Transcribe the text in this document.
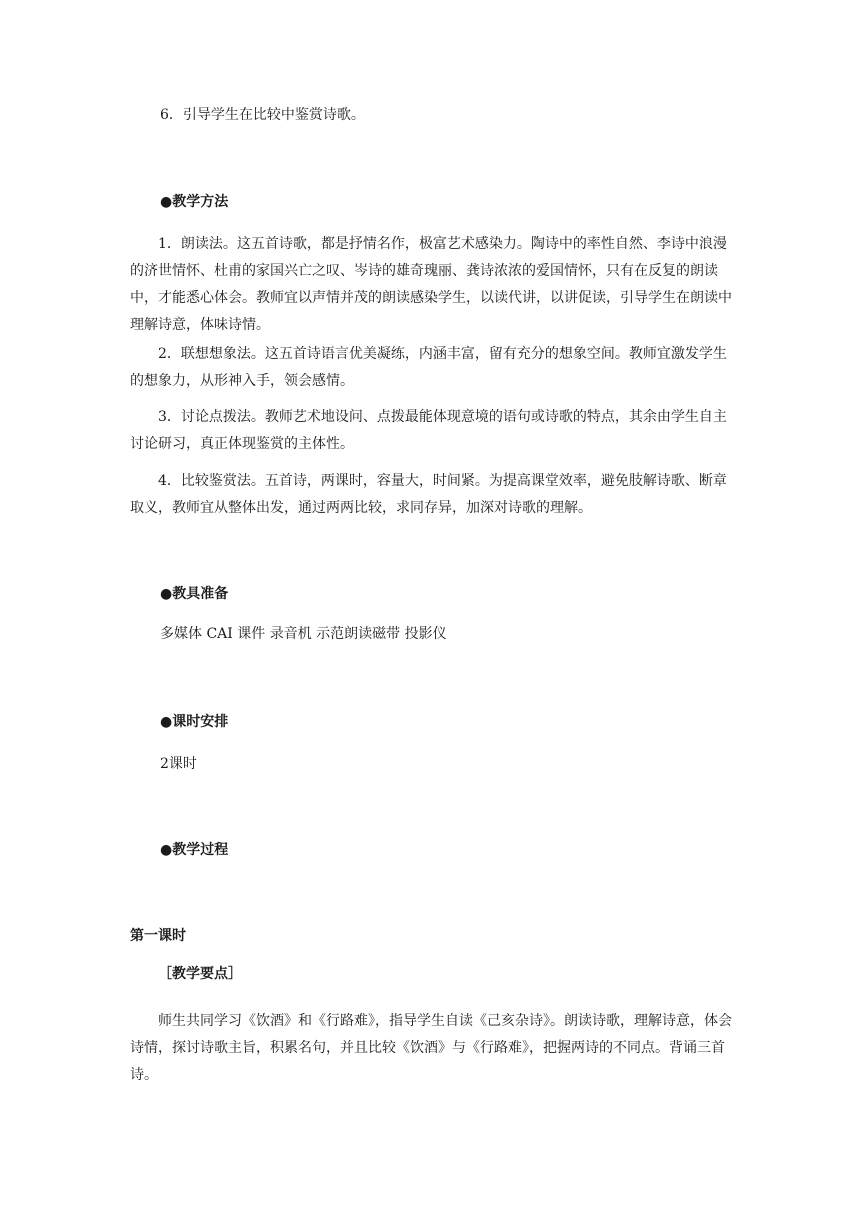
6．引导学生在比较中鉴赏诗歌。

●教学方法

1．朗读法。这五首诗歌，都是抒情名作，极富艺术感染力。陶诗中的率性自然、李诗中浪漫的济世情怀、杜甫的家国兴亡之叹、岑诗的雄奇瑰丽、龚诗浓浓的爱国情怀，只有在反复的朗读中，才能悉心体会。教师宜以声情并茂的朗读感染学生，以读代讲，以讲促读，引导学生在朗读中理解诗意，体味诗情。

2．联想想象法。这五首诗语言优美凝练，内涵丰富，留有充分的想象空间。教师宜激发学生的想象力，从形神入手，领会感情。

3．讨论点拨法。教师艺术地设问、点拨最能体现意境的语句或诗歌的特点，其余由学生自主讨论研习，真正体现鉴赏的主体性。

4．比较鉴赏法。五首诗，两课时，容量大，时间紧。为提高课堂效率，避免肢解诗歌、断章取义，教师宜从整体出发，通过两两比较，求同存异，加深对诗歌的理解。

●教具准备

多媒体 CAI 课件 录音机 示范朗读磁带 投影仪

●课时安排

2课时

●教学过程

第一课时

［教学要点］

师生共同学习《饮酒》和《行路难》，指导学生自读《己亥杂诗》。朗读诗歌，理解诗意，体会诗情，探讨诗歌主旨，积累名句，并且比较《饮酒》与《行路难》，把握两诗的不同点。背诵三首诗。
